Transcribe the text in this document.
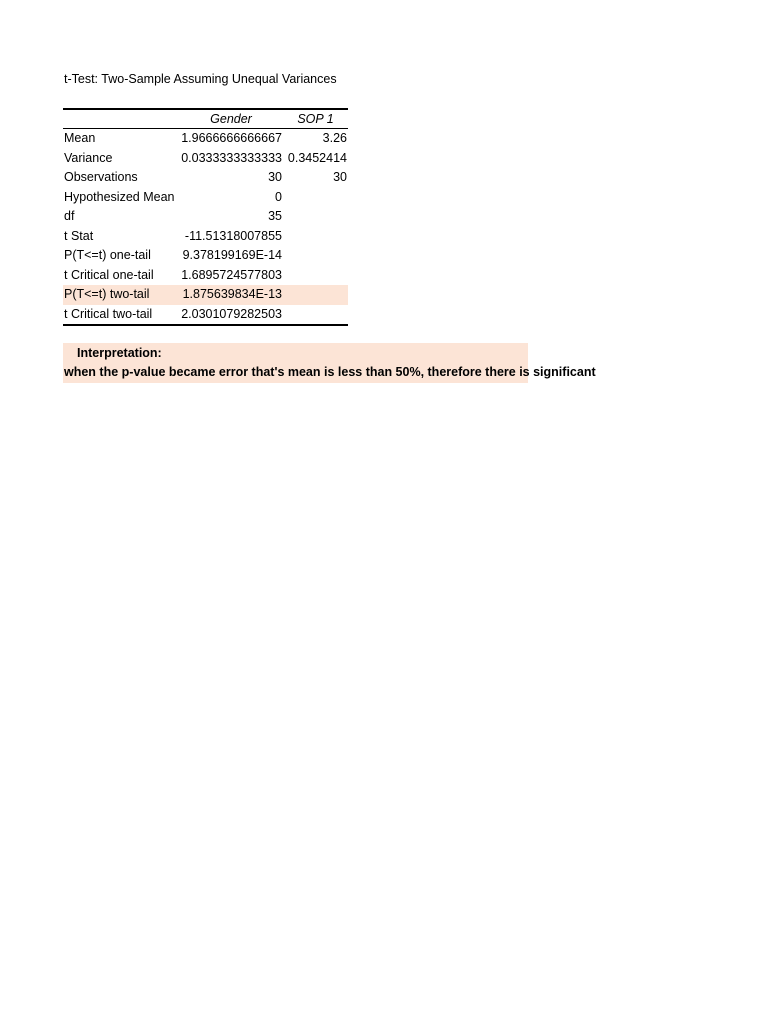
t-Test: Two-Sample Assuming Unequal Variances
	Gender	SOP 1
Mean	1.9666666666667	3.26
Variance	0.0333333333333	0.3452414
Observations	30	30
Hypothesized Mean	0	
df	35	
t Stat	-11.51318007855	
P(T<=t) one-tail	9.378199169E-14	
t Critical one-tail	1.6895724577803	
P(T<=t) two-tail	1.875639834E-13	
t Critical two-tail	2.0301079282503	
Interpretation:
when the p-value became error that's mean is less than 50%, therefore there is significant
